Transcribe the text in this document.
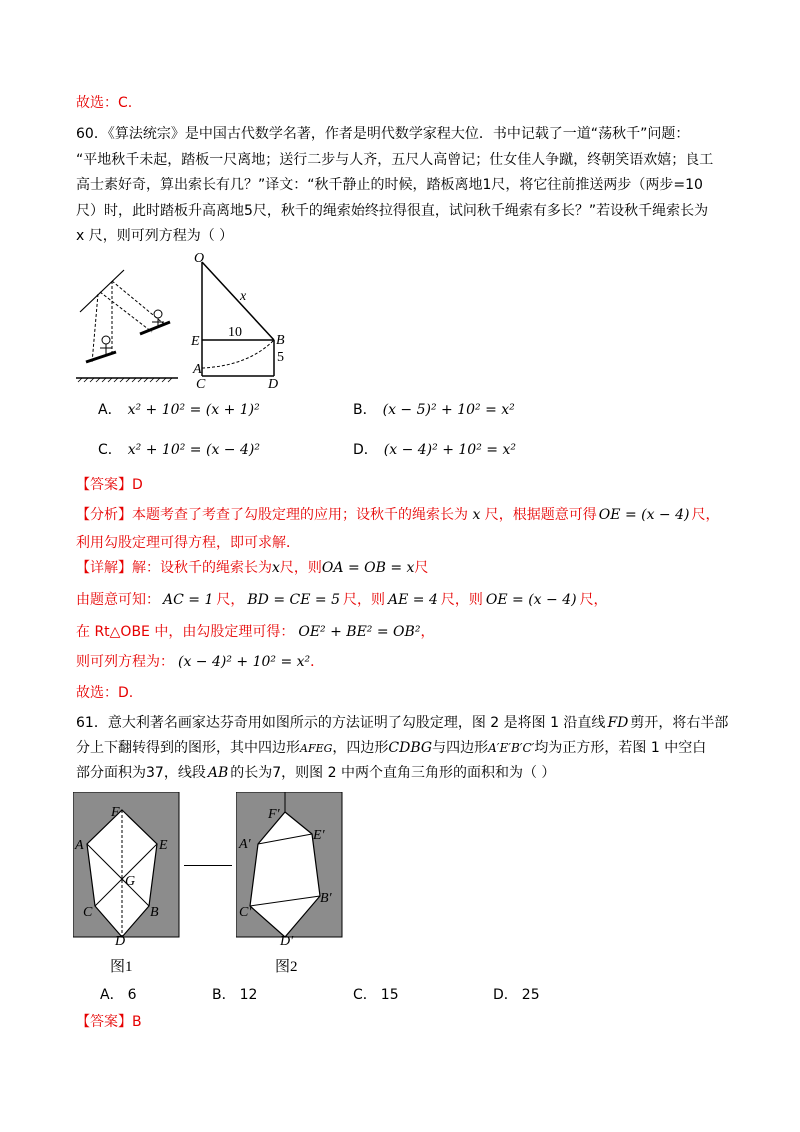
故选：C.
60．《算法统宗》是中国古代数学名著，作者是明代数学家程大位．书中记载了一道“荡秋千”问题：
“平地秋千未起，踏板一尺离地；送行二步与人齐，五尺人高曾记；仕女佳人争蹴，终朝笑语欢嬉；良工
高士素好奇，算出索长有几？”译文：“秋千静止的时候，踏板离地1尺，将它往前推送两步（两步=10
尺）时，此时踏板升高离地5尺，秋千的绳索始终拉得很直，试问秋千绳索有多长？”若设秋千绳索长为
x 尺，则可列方程为（ ）
O
x
E
10
B
5
A
C	D
A． x² + 10² = (x + 1)²	B． (x − 5)² + 10² = x²
C． x² + 10² = (x − 4)²	D． (x − 4)² + 10² = x²
【答案】D
【分析】本题考查了考查了勾股定理的应用；设秋千的绳索长为 x 尺，根据题意可得 OE = (x − 4) 尺，
利用勾股定理可得方程，即可求解．
【详解】解：设秋千的绳索长为x尺，则OA = OB = x尺
由题意可知： AC = 1 尺， BD = CE = 5 尺，则 AE = 4 尺，则 OE = (x − 4) 尺，
在 Rt△OBE 中，由勾股定理可得： OE² + BE² = OB²，
则可列方程为： (x − 4)² + 10² = x²．
故选：D.
61．意大利著名画家达芬奇用如图所示的方法证明了勾股定理，图 2 是将图 1 沿直线 FD 剪开，将右半部
分上下翻转得到的图形，其中四边形AFEG，四边形CDBG与四边形A′E′B′C′均为正方形，若图 1 中空白
部分面积为37，线段 AB 的长为7，则图 2 中两个直角三角形的面积和为（ ）
F
A	E
G
C	B
D
图1
F′
A′
E′
C′
B′
D′
图2
A． 6	B． 12	C． 15	D． 25
【答案】B
